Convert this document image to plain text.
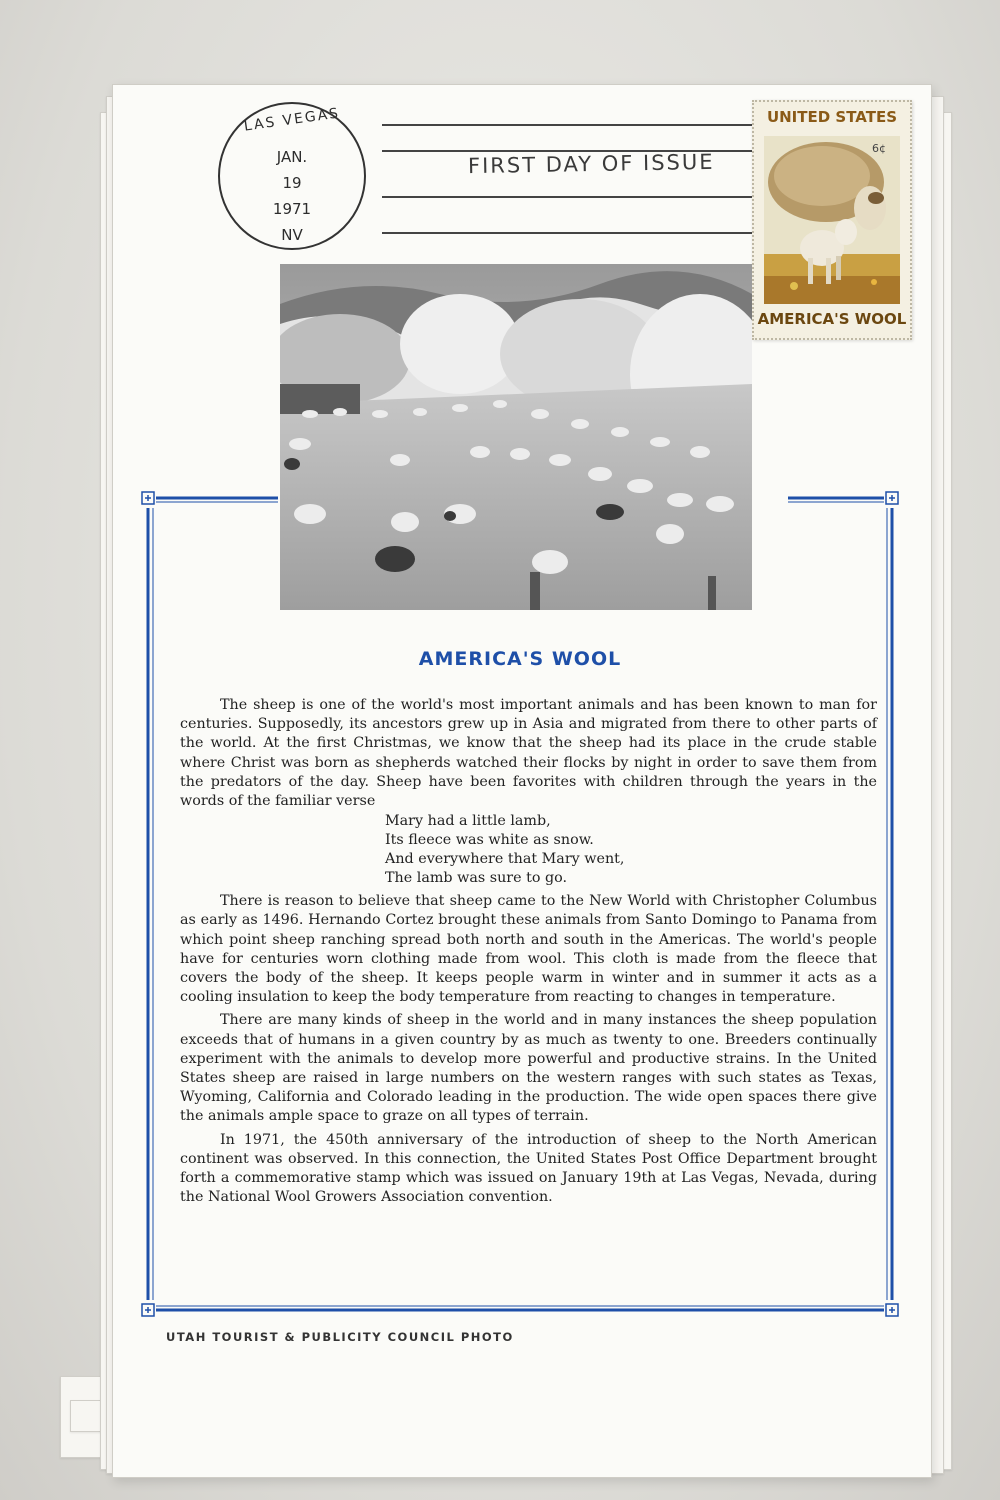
LAS VEGAS
JAN.
19
1971
NV
FIRST DAY OF ISSUE
UNITED STATES
6¢
AMERICA'S WOOL
AMERICA'S WOOL

The sheep is one of the world's most important animals and has been known to man for centuries. Supposedly, its ancestors grew up in Asia and migrated from there to other parts of the world. At the first Christmas, we know that the sheep had its place in the crude stable where Christ was born as shepherds watched their flocks by night in order to save them from the predators of the day. Sheep have been favorites with children through the years in the words of the familiar verse

Mary had a little lamb,
Its fleece was white as snow.
And everywhere that Mary went,
The lamb was sure to go.

There is reason to believe that sheep came to the New World with Christopher Columbus as early as 1496. Hernando Cortez brought these animals from Santo Domingo to Panama from which point sheep ranching spread both north and south in the Americas. The world's people have for centuries worn clothing made from wool. This cloth is made from the fleece that covers the body of the sheep. It keeps people warm in winter and in summer it acts as a cooling insulation to keep the body temperature from reacting to changes in temperature.

There are many kinds of sheep in the world and in many instances the sheep population exceeds that of humans in a given country by as much as twenty to one. Breeders continually experiment with the animals to develop more powerful and productive strains. In the United States sheep are raised in large numbers on the western ranges with such states as Texas, Wyoming, California and Colorado leading in the production. The wide open spaces there give the animals ample space to graze on all types of terrain.

In 1971, the 450th anniversary of the introduction of sheep to the North American continent was observed. In this connection, the United States Post Office Department brought forth a commemorative stamp which was issued on January 19th at Las Vegas, Nevada, during the National Wool Growers Association convention.

UTAH TOURIST & PUBLICITY COUNCIL PHOTO
